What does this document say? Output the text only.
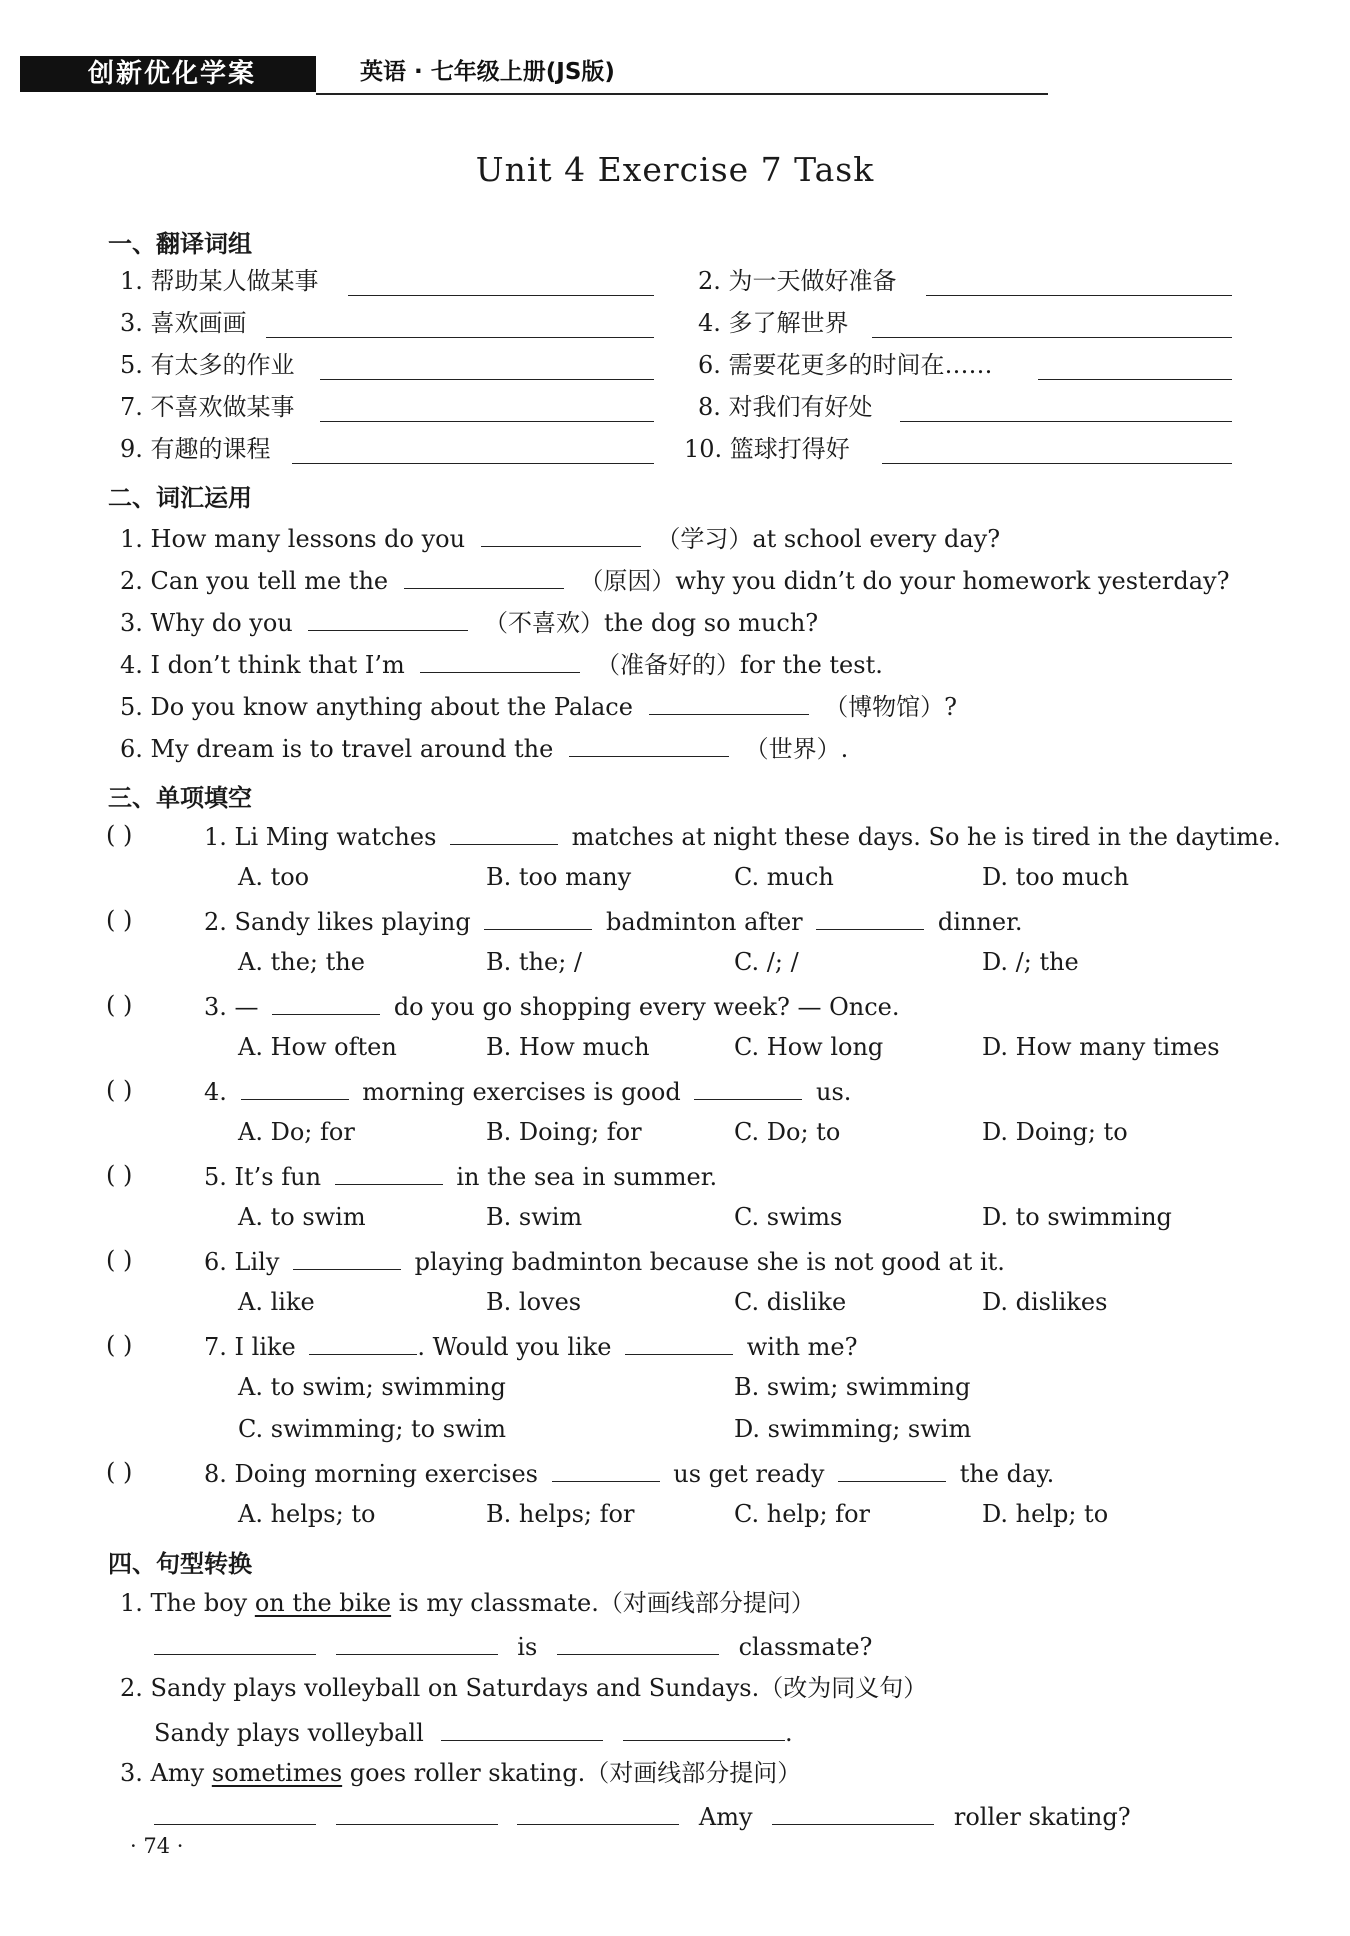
创新优化学案	英语 · 七年级上册(JS版)
Unit 4 Exercise 7 Task
一、翻译词组
1. 帮助某人做某事	2. 为一天做好准备
3. 喜欢画画	4. 多了解世界
5. 有太多的作业	6. 需要花更多的时间在……
7. 不喜欢做某事	8. 对我们有好处
9. 有趣的课程	10. 篮球打得好
二、词汇运用
1. How many lessons do you	（学习）at school every day?
2. Can you tell me the	（原因）why you didn’t do your homework yesterday?
3. Why do you	（不喜欢）the dog so much?
4. I don’t think that I’m	（准备好的）for the test.
5. Do you know anything about the Palace	（博物馆）?
6. My dream is to travel around the	（世界）.
三、单项填空
( )	1. Li Ming watches	matches at night these days. So he is tired in the daytime.
A. too	B. too many	C. much	D. too much
( )	2. Sandy likes playing	badminton after	dinner.
A. the; the	B. the; /	C. /; /	D. /; the
( )	3. —	do you go shopping every week? — Once.
A. How often	B. How much	C. How long	D. How many times
( )	4.	morning exercises is good	us.
A. Do; for	B. Doing; for	C. Do; to	D. Doing; to
( )	5. It’s fun	in the sea in summer.
A. to swim	B. swim	C. swims	D. to swimming
( )	6. Lily	playing badminton because she is not good at it.
A. like	B. loves	C. dislike	D. dislikes
( )	7. I like	. Would you like	with me?
A. to swim; swimming	B. swim; swimming
C. swimming; to swim	D. swimming; swim
( )	8. Doing morning exercises	us get ready	the day.
A. helps; to	B. helps; for	C. help; for	D. help; to
四、句型转换
1. The boy on the bike is my classmate.（对画线部分提问）
is	classmate?
2. Sandy plays volleyball on Saturdays and Sundays.（改为同义句）
Sandy plays volleyball	.
3. Amy sometimes goes roller skating.（对画线部分提问）
Amy	roller skating?
· 74 ·
